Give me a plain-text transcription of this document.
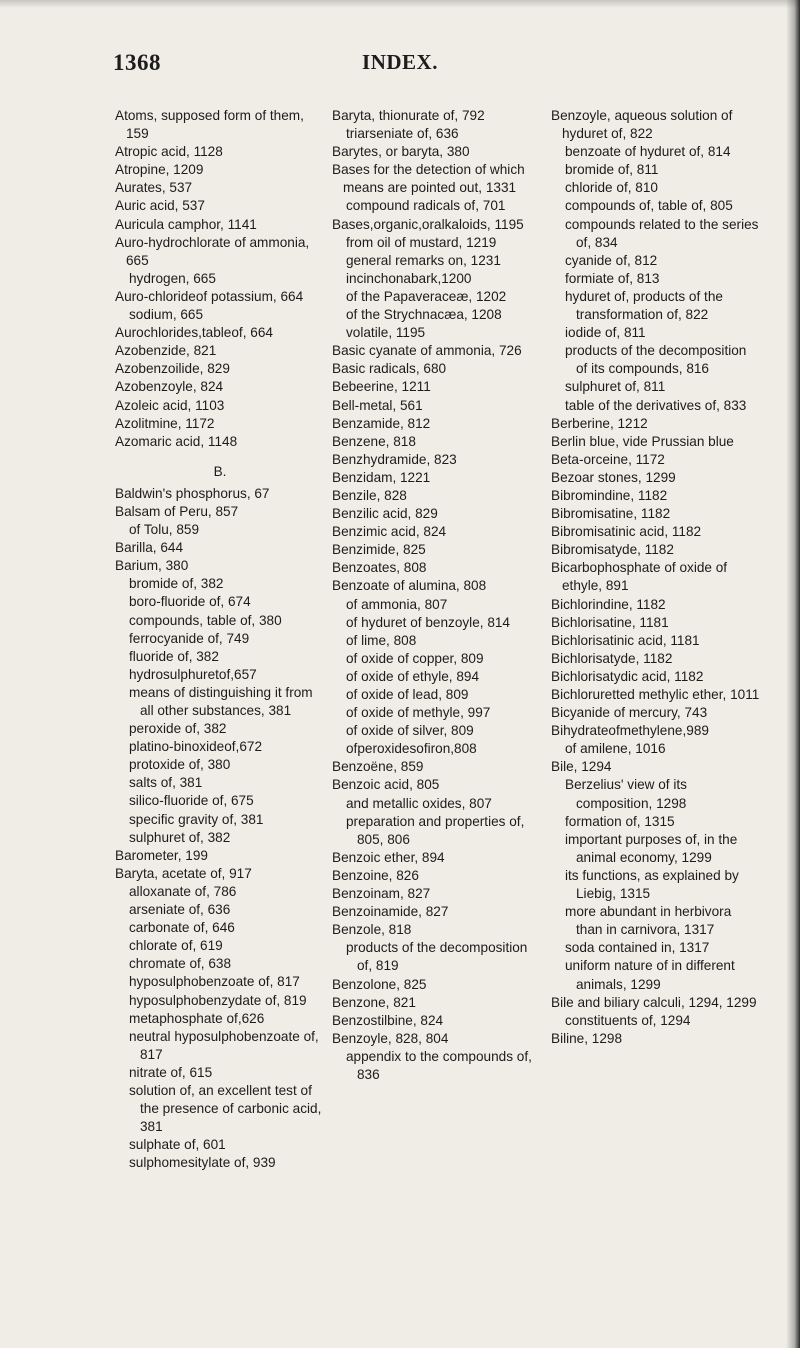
1368	INDEX.
Atoms, supposed form of them, 159
Atropic acid, 1128
Atropine, 1209
Aurates, 537
Auric acid, 537
Auricula camphor, 1141
Auro-hydrochlorate of ammonia, 665
hydrogen, 665
Auro-chlorideof potassium, 664
sodium, 665
Aurochlorides,tableof, 664
Azobenzide, 821
Azobenzoilide, 829
Azobenzoyle, 824
Azoleic acid, 1103
Azolitmine, 1172
Azomaric acid, 1148
B.
Baldwin's phosphorus, 67
Balsam of Peru, 857
of Tolu, 859
Barilla, 644
Barium, 380
bromide of, 382
boro-fluoride of, 674
compounds, table of, 380
ferrocyanide of, 749
fluoride of, 382
hydrosulphuretof,657
means of distinguishing it from all other substances, 381
peroxide of, 382
platino-binoxideof,672
protoxide of, 380
salts of, 381
silico-fluoride of, 675
specific gravity of, 381
sulphuret of, 382
Barometer, 199
Baryta, acetate of, 917
alloxanate of, 786
arseniate of, 636
carbonate of, 646
chlorate of, 619
chromate of, 638
hyposulphobenzoate of, 817
hyposulphobenzydate of, 819
metaphosphate of,626
neutral hyposulphobenzoate of, 817
nitrate of, 615
solution of, an excellent test of the presence of carbonic acid, 381
sulphate of, 601
sulphomesitylate of, 939
Baryta, thionurate of, 792
triarseniate of, 636
Barytes, or baryta, 380
Bases for the detection of which means are pointed out, 1331
compound radicals of, 701
Bases,organic,oralkaloids, 1195
from oil of mustard, 1219
general remarks on, 1231
incinchonabark,1200
of the Papaveraceæ, 1202
of the Strychnacæa, 1208
volatile, 1195
Basic cyanate of ammonia, 726
Basic radicals, 680
Bebeerine, 1211
Bell-metal, 561
Benzamide, 812
Benzene, 818
Benzhydramide, 823
Benzidam, 1221
Benzile, 828
Benzilic acid, 829
Benzimic acid, 824
Benzimide, 825
Benzoates, 808
Benzoate of alumina, 808
of ammonia, 807
of hyduret of benzoyle, 814
of lime, 808
of oxide of copper, 809
of oxide of ethyle, 894
of oxide of lead, 809
of oxide of methyle, 997
of oxide of silver, 809
ofperoxidesofiron,808
Benzoëne, 859
Benzoic acid, 805
and metallic oxides, 807
preparation and properties of, 805, 806
Benzoic ether, 894
Benzoine, 826
Benzoinam, 827
Benzoinamide, 827
Benzole, 818
products of the decomposition of, 819
Benzolone, 825
Benzone, 821
Benzostilbine, 824
Benzoyle, 828, 804
appendix to the compounds of, 836
Benzoyle, aqueous solution of hyduret of, 822
benzoate of hyduret of, 814
bromide of, 811
chloride of, 810
compounds of, table of, 805
compounds related to the series of, 834
cyanide of, 812
formiate of, 813
hyduret of, products of the transformation of, 822
iodide of, 811
products of the decomposition of its compounds, 816
sulphuret of, 811
table of the derivatives of, 833
Berberine, 1212
Berlin blue, vide Prussian blue
Beta-orceine, 1172
Bezoar stones, 1299
Bibromindine, 1182
Bibromisatine, 1182
Bibromisatinic acid, 1182
Bibromisatyde, 1182
Bicarbophosphate of oxide of ethyle, 891
Bichlorindine, 1182
Bichlorisatine, 1181
Bichlorisatinic acid, 1181
Bichlorisatyde, 1182
Bichlorisatydic acid, 1182
Bichloruretted methylic ether, 1011
Bicyanide of mercury, 743
Bihydrateofmethylene,989
of amilene, 1016
Bile, 1294
Berzelius' view of its composition, 1298
formation of, 1315
important purposes of, in the animal economy, 1299
its functions, as explained by Liebig, 1315
more abundant in herbivora than in carnivora, 1317
soda contained in, 1317
uniform nature of in different animals, 1299
Bile and biliary calculi, 1294, 1299
constituents of, 1294
Biline, 1298
